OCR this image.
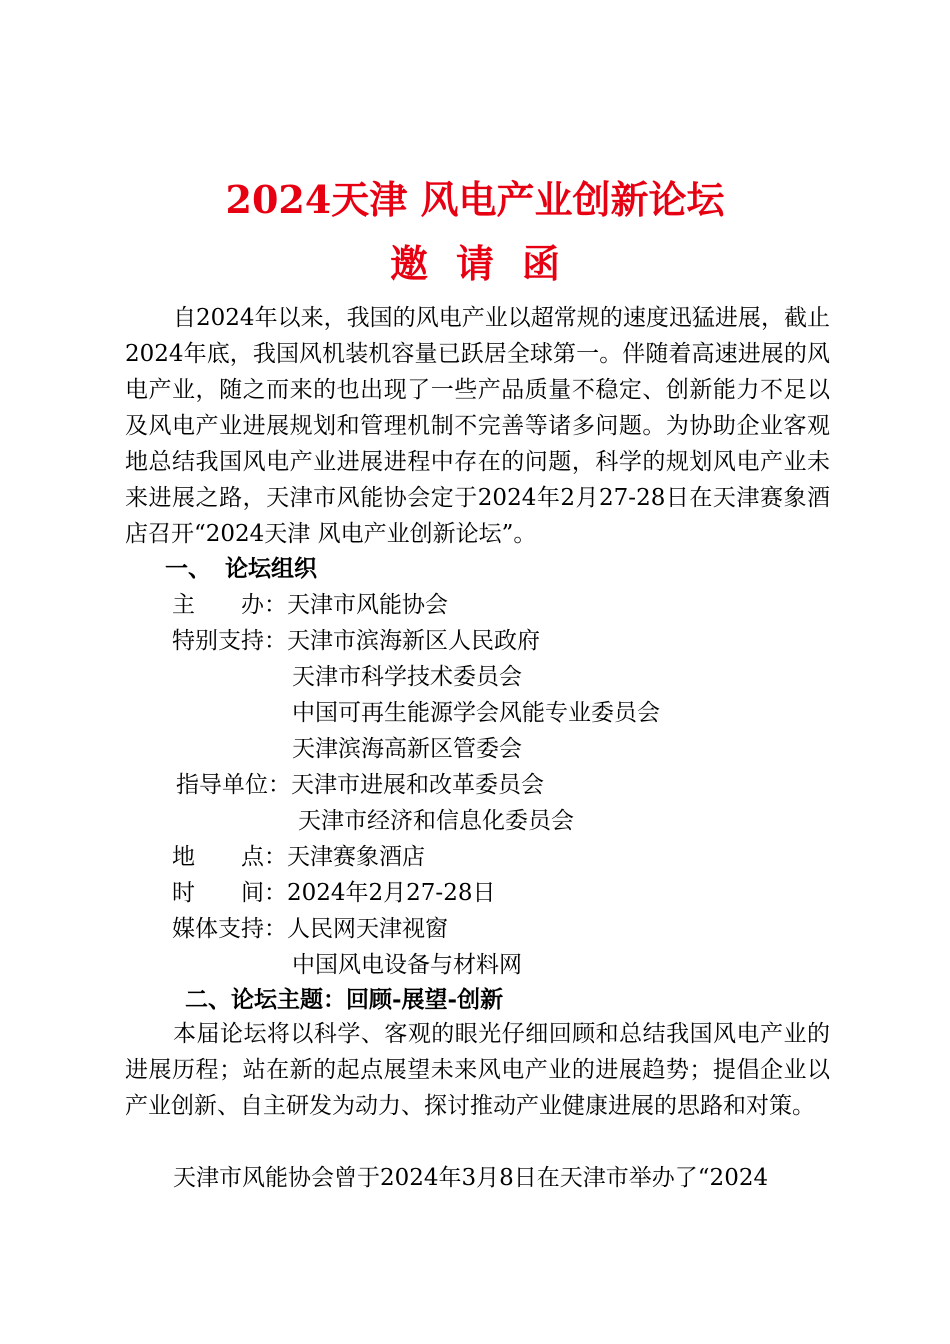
2024天津 风电产业创新论坛
邀请函

自2024年以来，我国的风电产业以超常规的速度迅猛进展，截止2024年底，我国风机装机容量已跃居全球第一。伴随着高速进展的风电产业，随之而来的也出现了一些产品质量不稳定、创新能力不足以及风电产业进展规划和管理机制不完善等诸多问题。为协助企业客观地总结我国风电产业进展进程中存在的问题，科学的规划风电产业未来进展之路，天津市风能协会定于2024年2月27-28日在天津赛象酒店召开“2024天津 风电产业创新论坛”。

一、 论坛组织
主　　办：天津市风能协会
特别支持：天津市滨海新区人民政府
天津市科学技术委员会
中国可再生能源学会风能专业委员会
天津滨海高新区管委会
指导单位：天津市进展和改革委员会
天津市经济和信息化委员会
地　　点：天津赛象酒店
时　　间：2024年2月27-28日
媒体支持：人民网天津视窗
中国风电设备与材料网
二、论坛主题：回顾-展望-创新

本届论坛将以科学、客观的眼光仔细回顾和总结我国风电产业的进展历程；站在新的起点展望未来风电产业的进展趋势；提倡企业以产业创新、自主研发为动力、探讨推动产业健康进展的思路和对策。

天津市风能协会曾于2024年3月8日在天津市举办了“2024
